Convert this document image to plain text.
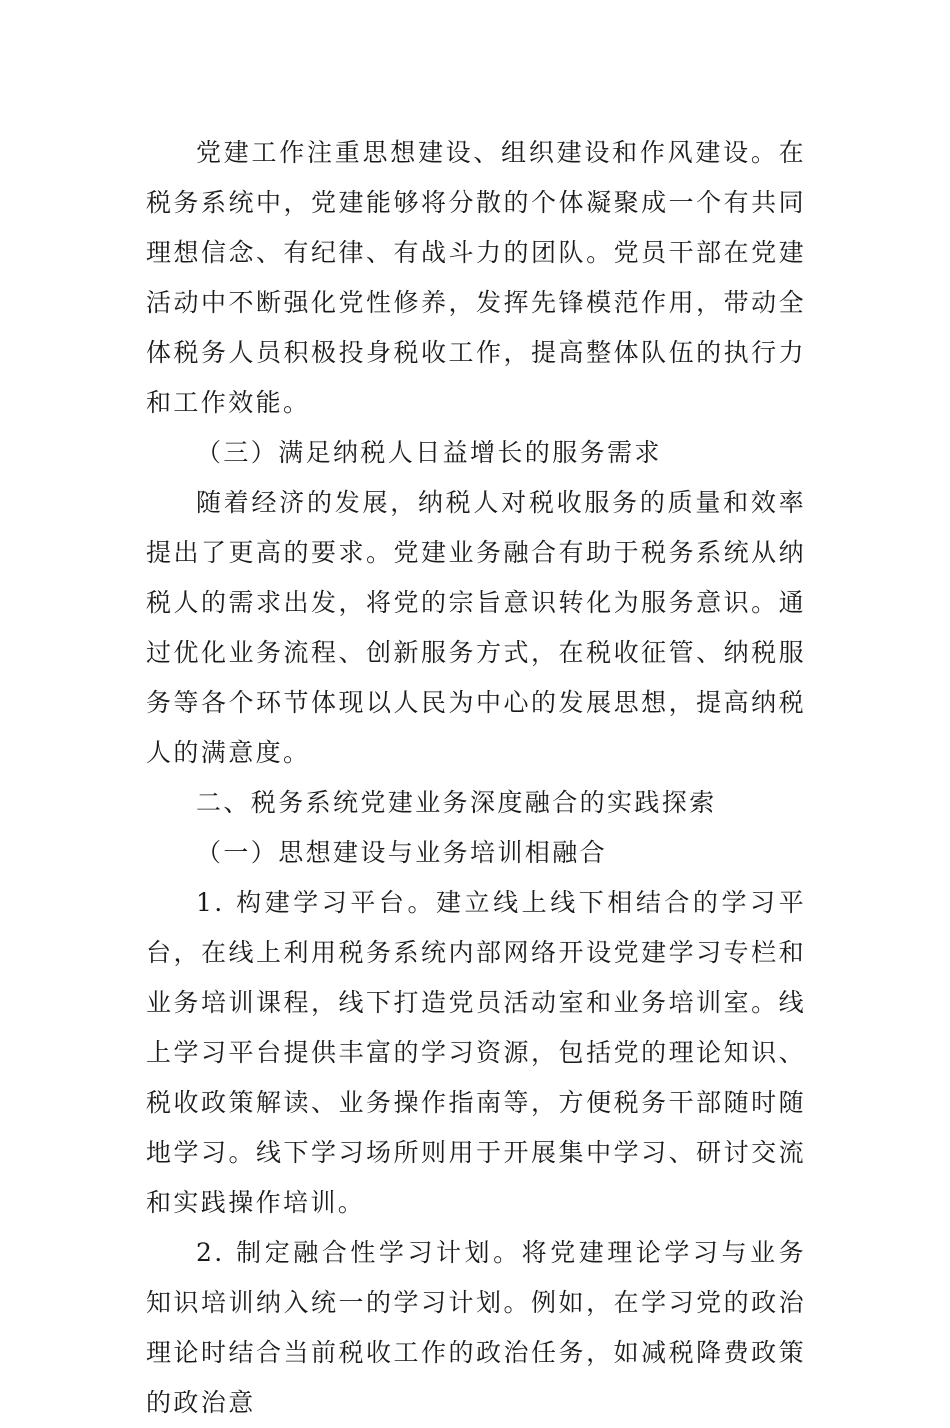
党建工作注重思想建设、组织建设和作风建设。在税务系统中，党建能够将分散的个体凝聚成一个有共同理想信念、有纪律、有战斗力的团队。党员干部在党建活动中不断强化党性修养，发挥先锋模范作用，带动全体税务人员积极投身税收工作，提高整体队伍的执行力和工作效能。

（三）满足纳税人日益增长的服务需求

随着经济的发展，纳税人对税收服务的质量和效率提出了更高的要求。党建业务融合有助于税务系统从纳税人的需求出发，将党的宗旨意识转化为服务意识。通过优化业务流程、创新服务方式，在税收征管、纳税服务等各个环节体现以人民为中心的发展思想，提高纳税人的满意度。

二、税务系统党建业务深度融合的实践探索

（一）思想建设与业务培训相融合

1. 构建学习平台。建立线上线下相结合的学习平台，在线上利用税务系统内部网络开设党建学习专栏和业务培训课程，线下打造党员活动室和业务培训室。线上学习平台提供丰富的学习资源，包括党的理论知识、税收政策解读、业务操作指南等，方便税务干部随时随地学习。线下学习场所则用于开展集中学习、研讨交流和实践操作培训。

2. 制定融合性学习计划。将党建理论学习与业务知识培训纳入统一的学习计划。例如，在学习党的政治理论时结合当前税收工作的政治任务，如减税降费政策的政治意
